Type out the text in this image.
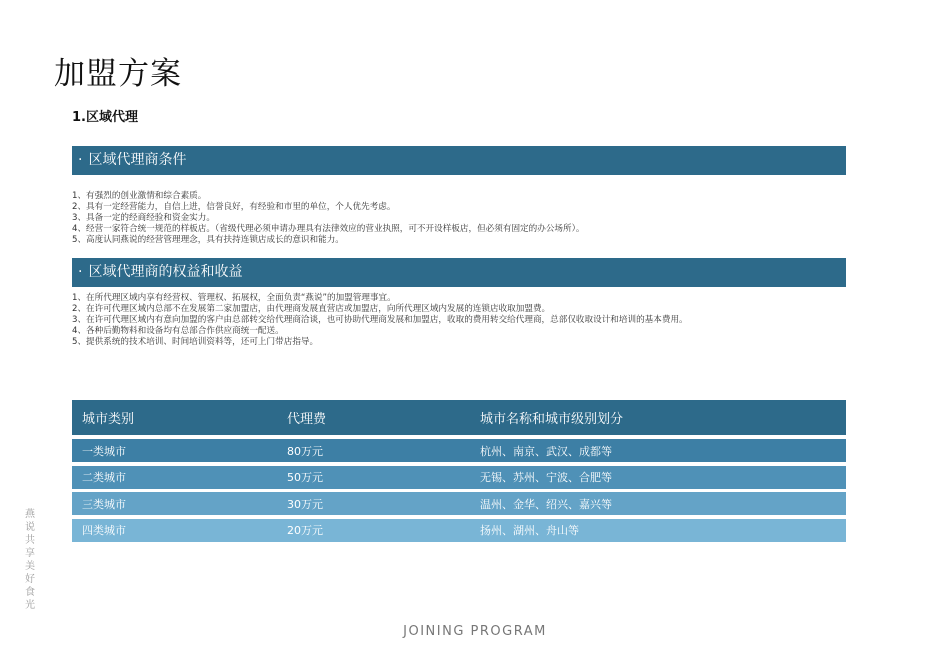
加盟方案
1.区域代理
· 区域代理商条件
1、有强烈的创业激情和综合素质。
2、具有一定经营能力，自信上进，信誉良好，有经验和市里的单位，个人优先考虑。
3、具备一定的经商经验和资金实力。
4、经营一家符合统一规范的样板店。（省级代理必须申请办理具有法律效应的营业执照，可不开设样板店，但必须有固定的办公场所）。
5、高度认同燕说的经营管理理念，具有扶持连锁店成长的意识和能力。
· 区域代理商的权益和收益
1、在所代理区域内享有经营权、管理权、拓展权，全面负责“燕说”的加盟管理事宜。
2、在许可代理区域内总部不在发展第二家加盟店，由代理商发展直营店或加盟店，向所代理区域内发展的连锁店收取加盟费。
3、在许可代理区域内有意向加盟的客户由总部转交给代理商洽谈，也可协助代理商发展和加盟店，收取的费用转交给代理商，总部仅收取设计和培训的基本费用。
4、各种后勤物料和设备均有总部合作供应商统一配送。
5、提供系统的技术培训、时间培训资料等，还可上门带店指导。
城市类别	代理费	城市名称和城市级别划分
一类城市	80万元	杭州、南京、武汉、成都等
二类城市	50万元	无锡、苏州、宁波、合肥等
三类城市	30万元	温州、金华、绍兴、嘉兴等
四类城市	20万元	扬州、湖州、舟山等
燕说共享美好食光
JOINING PROGRAM
